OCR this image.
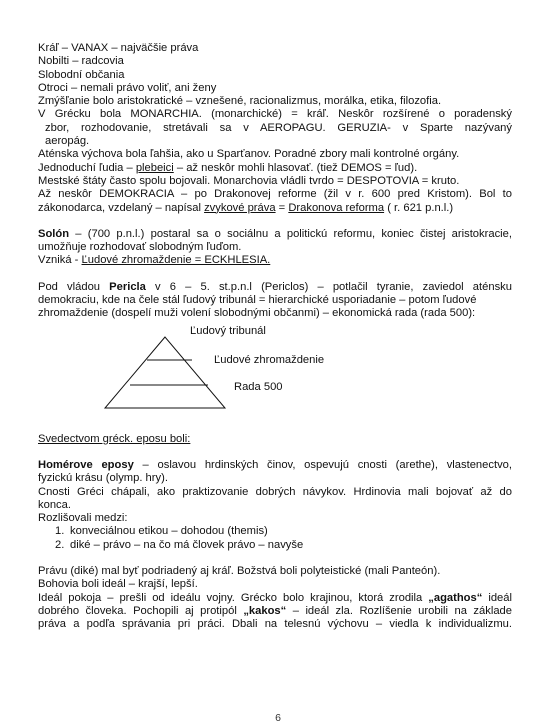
Kráľ – VANAX – najväčšie práva
Nobilti – radcovia
Slobodní občania
Otroci – nemali právo voliť, ani ženy
Zmýšľanie bolo aristokratické – vznešené, racionalizmus, morálka, etika, filozofia.
V Grécku bola MONARCHIA. (monarchické) = kráľ. Neskôr rozšírené o poradenský
zbor, rozhodovanie, stretávali sa v AEROPAGU. GERUZIA- v Sparte nazývaný
aeropág.
Aténska výchova bola ľahšia, ako u Sparťanov. Poradné zbory mali kontrolné orgány.
Jednoduchí ľudia – plebeici – až neskôr mohli hlasovať. (tiež DEMOS = ľud).
Mestské štáty často spolu bojovali. Monarchovia vládli tvrdo = DESPOTOVIA = kruto.
Až neskôr DEMOKRACIA – po Drakonovej reforme (žil v r. 600 pred Kristom). Bol to
zákonodarca, vzdelaný – napísal zvykové práva = Drakonova reforma ( r. 621 p.n.l.)
Solón – (700 p.n.l.) postaral sa o sociálnu a politickú reformu, koniec čistej aristokracie,
umožňuje rozhodovať slobodným ľuďom.
Vzniká - Ľudové zhromaždenie = ECKHLESIA.
Pod vládou Pericla v 6 – 5. st.p.n.l (Pericl​os) – potlačil tyranie, zaviedol aténsku
demokraciu, kde na čele stál ľudový tribunál = hierarchické usporiadanie – potom ľudové
zhromaždenie (dospelí muži volení slobodnými občanmi) – ekonomická rada (rada 500):
Ľudový tribunál
Ľudové zhromaždenie
Rada 500
Svedectvom gréck. eposu boli:
Homérove eposy – oslavou hrdinských činov, ospevujú cnosti (arethe), vlastenectvo,
fyzickú krásu (olymp. hry).
Cnosti Gréci chápali, ako praktizovanie dobrých návykov. Hrdinovia mali bojovať až do
konca.
Rozlišovali medzi:
1. konveciálnou etikou – dohodou (themis)
2. diké – právo – na čo má človek právo – navyše
Právu (diké) mal byť podriadený aj kráľ. Božstvá boli polyteistické (mali Panteón).
Bohovia boli ideál – krajší, lepší.
Ideál pokoja – prešli od ideálu vojny. Grécko bolo krajinou, ktorá zrodila „agathos“ ideál
dobrého človeka. Pochopili aj protipól „kakos“ – ideál zla. Rozlíšenie urobili na základe
práva a podľa správania pri práci. Dbali na telesnú výchovu – viedla k individualizmu.
6
